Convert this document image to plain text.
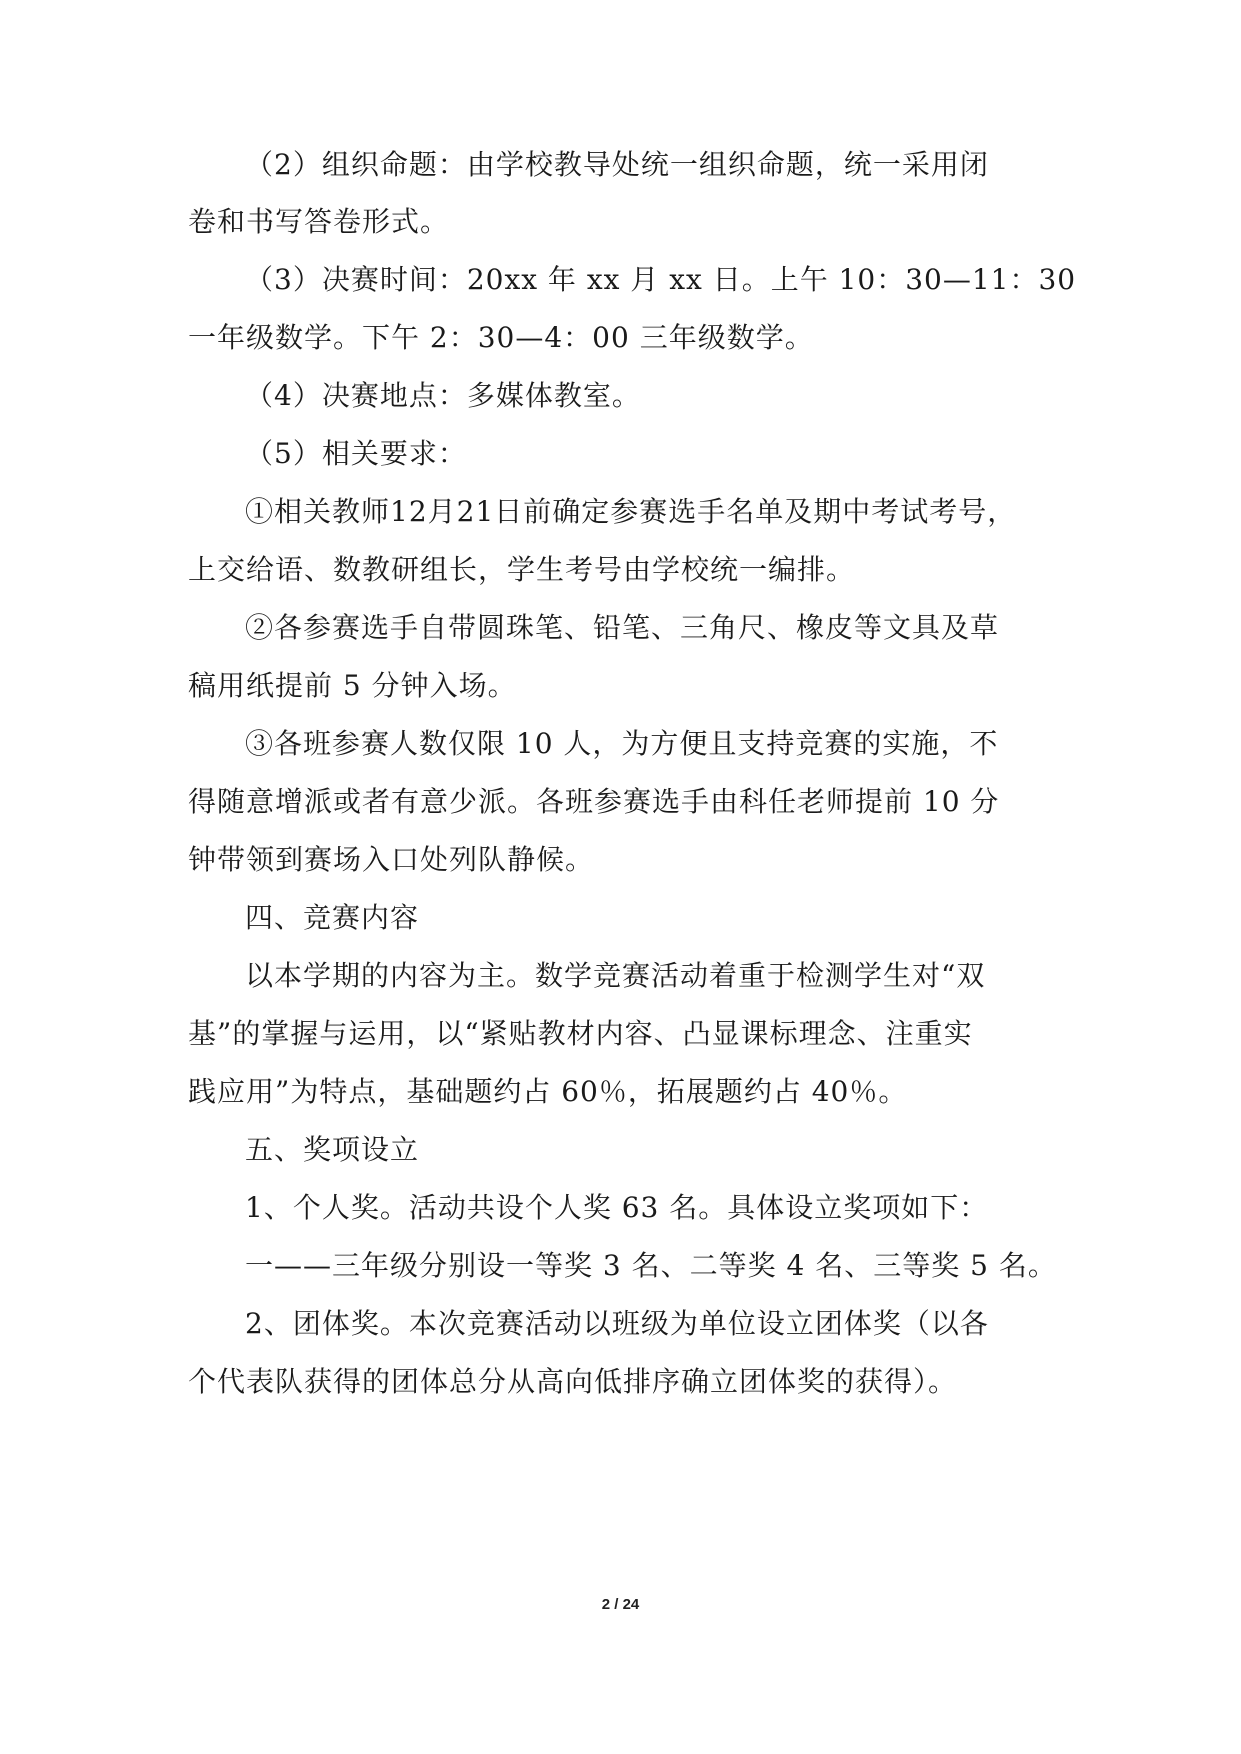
（2）组织命题：由学校教导处统一组织命题，统一采用闭
卷和书写答卷形式。
（3）决赛时间：20xx 年 xx 月 xx 日。上午 10：30—11：30
一年级数学。下午 2：30—4：00 三年级数学。
（4）决赛地点：多媒体教室。
（5）相关要求：
①相关教师12月21日前确定参赛选手名单及期中考试考号，
上交给语、数教研组长，学生考号由学校统一编排。
②各参赛选手自带圆珠笔、铅笔、三角尺、橡皮等文具及草
稿用纸提前 5 分钟入场。
③各班参赛人数仅限 10 人，为方便且支持竞赛的实施，不
得随意增派或者有意少派。各班参赛选手由科任老师提前 10 分
钟带领到赛场入口处列队静候。
四、竞赛内容
以本学期的内容为主。数学竞赛活动着重于检测学生对“双
基”的掌握与运用，以“紧贴教材内容、凸显课标理念、注重实
践应用”为特点，基础题约占 60％，拓展题约占 40％。
五、奖项设立
1、个人奖。活动共设个人奖 63 名。具体设立奖项如下：
一——三年级分别设一等奖 3 名、二等奖 4 名、三等奖 5 名。
2、团体奖。本次竞赛活动以班级为单位设立团体奖（以各
个代表队获得的团体总分从高向低排序确立团体奖的获得）。
2 / 24
